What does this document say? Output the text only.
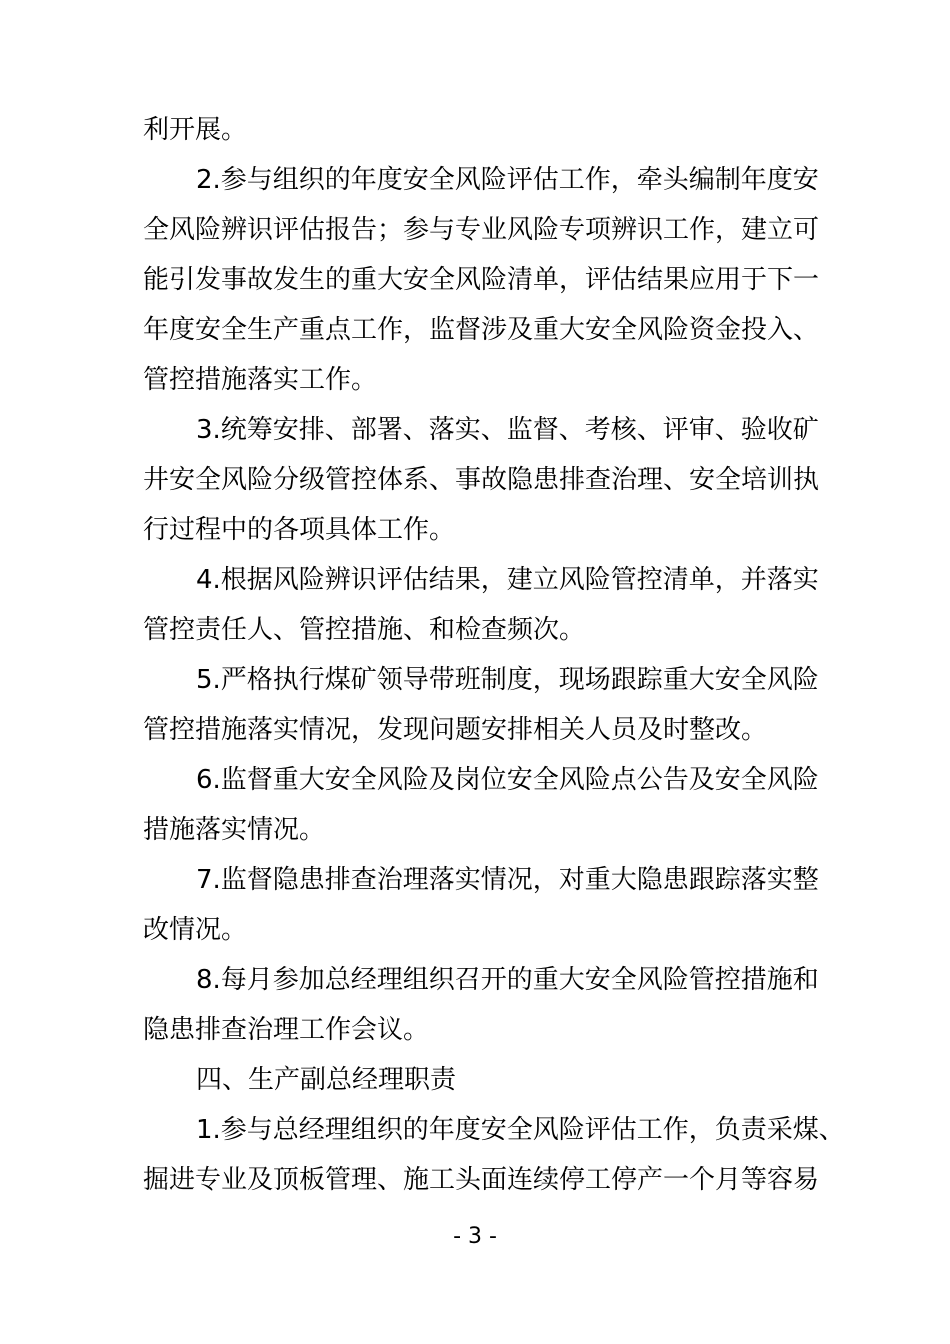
利开展。
2.参与组织的年度安全风险评估工作，牵头编制年度安
全风险辨识评估报告；参与专业风险专项辨识工作，建立可
能引发事故发生的重大安全风险清单，评估结果应用于下一
年度安全生产重点工作，监督涉及重大安全风险资金投入、
管控措施落实工作。
3.统筹安排、部署、落实、监督、考核、评审、验收矿
井安全风险分级管控体系、事故隐患排查治理、安全培训执
行过程中的各项具体工作。
4.根据风险辨识评估结果，建立风险管控清单，并落实
管控责任人、管控措施、和检查频次。
5.严格执行煤矿领导带班制度，现场跟踪重大安全风险
管控措施落实情况，发现问题安排相关人员及时整改。
6.监督重大安全风险及岗位安全风险点公告及安全风险
措施落实情况。
7.监督隐患排查治理落实情况，对重大隐患跟踪落实整
改情况。
8.每月参加总经理组织召开的重大安全风险管控措施和
隐患排查治理工作会议。
四、生产副总经理职责
1.参与总经理组织的年度安全风险评估工作，负责采煤、
掘进专业及顶板管理、施工头面连续停工停产一个月等容易
- 3 -
